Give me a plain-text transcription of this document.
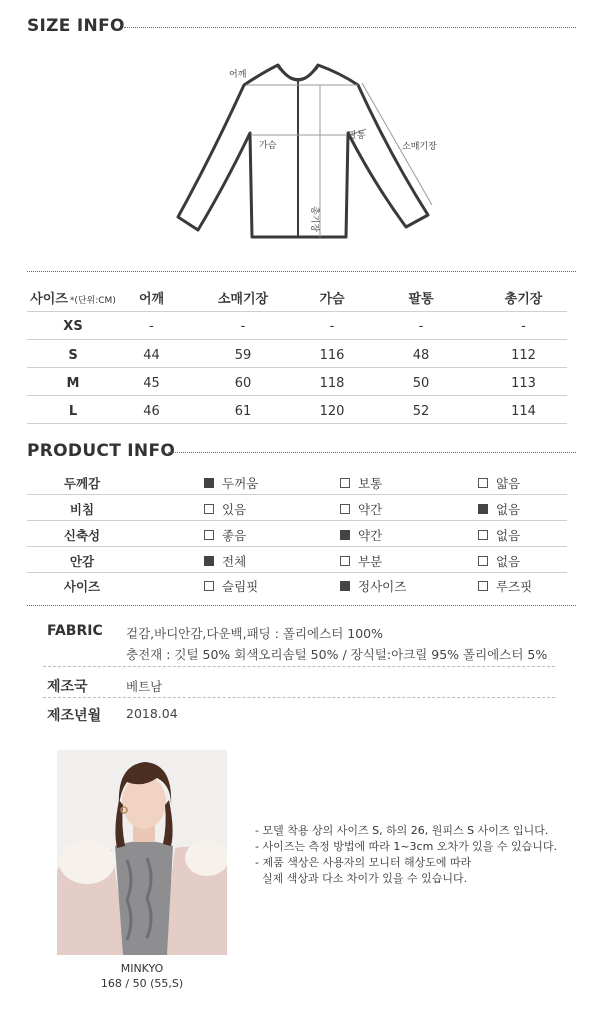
SIZE INFO
어깨
가슴
팔통
소매기장
총기장
사이즈 *(단위:CM)	어깨	소매기장	가슴	팔통	총기장
XS	-	-	-	-	-
S	44	59	116	48	112
M	45	60	118	50	113
L	46	61	120	52	114
PRODUCT INFO
두께감	두꺼움	보통	얇음
비침	있음	약간	없음
신축성	좋음	약간	없음
안감	전체	부분	없음
사이즈	슬림핏	정사이즈	루즈핏
FABRIC 겉감,바디안감,다운백,패딩 : 폴리에스터 100%
충전재 : 깃털 50% 회색오리솜털 50% / 장식털:아크릴 95% 폴리에스터 5%
제조국	베트남
제조년월 2018.04
MINKYO
168 / 50 (55,S)
- 모델 착용 상의 사이즈 S, 하의 26, 원피스 S 사이즈 입니다.
- 사이즈는 측정 방법에 따라 1~3cm 오차가 있을 수 있습니다.
- 제품 색상은 사용자의 모니터 해상도에 따라
실제 색상과 다소 차이가 있을 수 있습니다.
